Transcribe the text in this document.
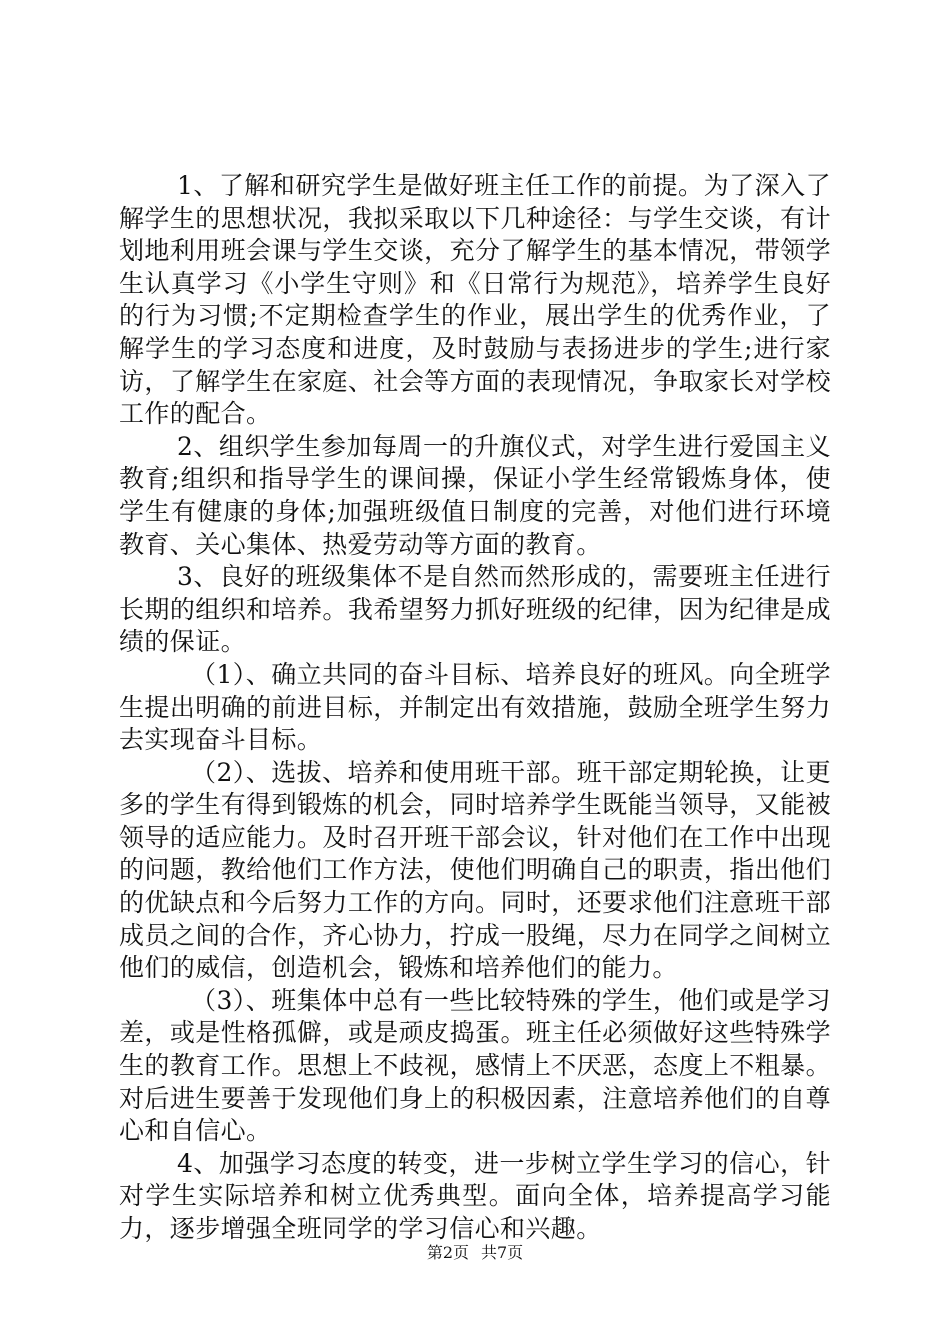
1、了解和研究学生是做好班主任工作的前提。为了深入了解学生的思想状况，我拟采取以下几种途径：与学生交谈，有计划地利用班会课与学生交谈，充分了解学生的基本情况，带领学生认真学习《小学生守则》和《日常行为规范》，培养学生良好的行为习惯;不定期检查学生的作业，展出学生的优秀作业，了解学生的学习态度和进度，及时鼓励与表扬进步的学生;进行家访，了解学生在家庭、社会等方面的表现情况，争取家长对学校工作的配合。

2、组织学生参加每周一的升旗仪式，对学生进行爱国主义教育;组织和指导学生的课间操，保证小学生经常锻炼身体，使学生有健康的身体;加强班级值日制度的完善，对他们进行环境教育、关心集体、热爱劳动等方面的教育。

3、良好的班级集体不是自然而然形成的，需要班主任进行长期的组织和培养。我希望努力抓好班级的纪律，因为纪律是成绩的保证。

（1）、确立共同的奋斗目标、培养良好的班风。向全班学生提出明确的前进目标，并制定出有效措施，鼓励全班学生努力去实现奋斗目标。

（2）、选拔、培养和使用班干部。班干部定期轮换，让更多的学生有得到锻炼的机会，同时培养学生既能当领导，又能被领导的适应能力。及时召开班干部会议，针对他们在工作中出现的问题，教给他们工作方法，使他们明确自己的职责，指出他们的优缺点和今后努力工作的方向。同时，还要求他们注意班干部成员之间的合作，齐心协力，拧成一股绳，尽力在同学之间树立他们的威信，创造机会，锻炼和培养他们的能力。

（3）、班集体中总有一些比较特殊的学生，他们或是学习差，或是性格孤僻，或是顽皮捣蛋。班主任必须做好这些特殊学生的教育工作。思想上不歧视，感情上不厌恶，态度上不粗暴。对后进生要善于发现他们身上的积极因素，注意培养他们的自尊心和自信心。

4、加强学习态度的转变，进一步树立学生学习的信心，针对学生实际培养和树立优秀典型。面向全体，培养提高学习能力，逐步增强全班同学的学习信心和兴趣。

第2页 共7页
